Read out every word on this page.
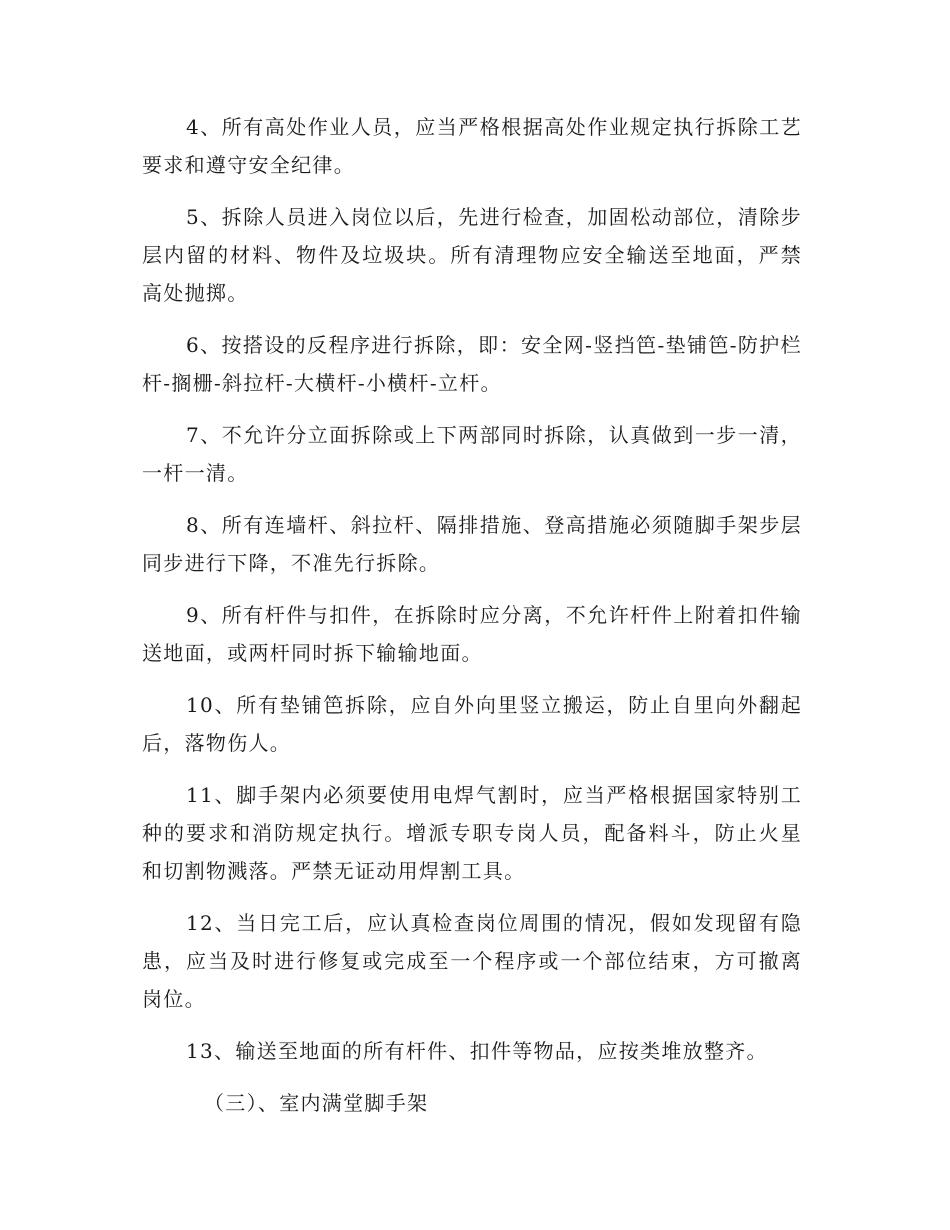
4、所有高处作业人员，应当严格根据高处作业规定执行拆除工艺要求和遵守安全纪律。

5、拆除人员进入岗位以后，先进行检查，加固松动部位，清除步层内留的材料、物件及垃圾块。所有清理物应安全输送至地面，严禁高处抛掷。

6、按搭设的反程序进行拆除，即：安全网-竖挡笆-垫铺笆-防护栏杆-搁栅-斜拉杆-大横杆-小横杆-立杆。

7、不允许分立面拆除或上下两部同时拆除，认真做到一步一清，一杆一清。

8、所有连墙杆、斜拉杆、隔排措施、登高措施必须随脚手架步层同步进行下降，不准先行拆除。

9、所有杆件与扣件，在拆除时应分离，不允许杆件上附着扣件输送地面，或两杆同时拆下输输地面。

10、所有垫铺笆拆除，应自外向里竖立搬运，防止自里向外翻起后，落物伤人。

11、脚手架内必须要使用电焊气割时，应当严格根据国家特别工种的要求和消防规定执行。增派专职专岗人员，配备料斗，防止火星和切割物溅落。严禁无证动用焊割工具。

12、当日完工后，应认真检查岗位周围的情况，假如发现留有隐患，应当及时进行修复或完成至一个程序或一个部位结束，方可撤离岗位。

13、输送至地面的所有杆件、扣件等物品，应按类堆放整齐。

（三）、室内满堂脚手架
